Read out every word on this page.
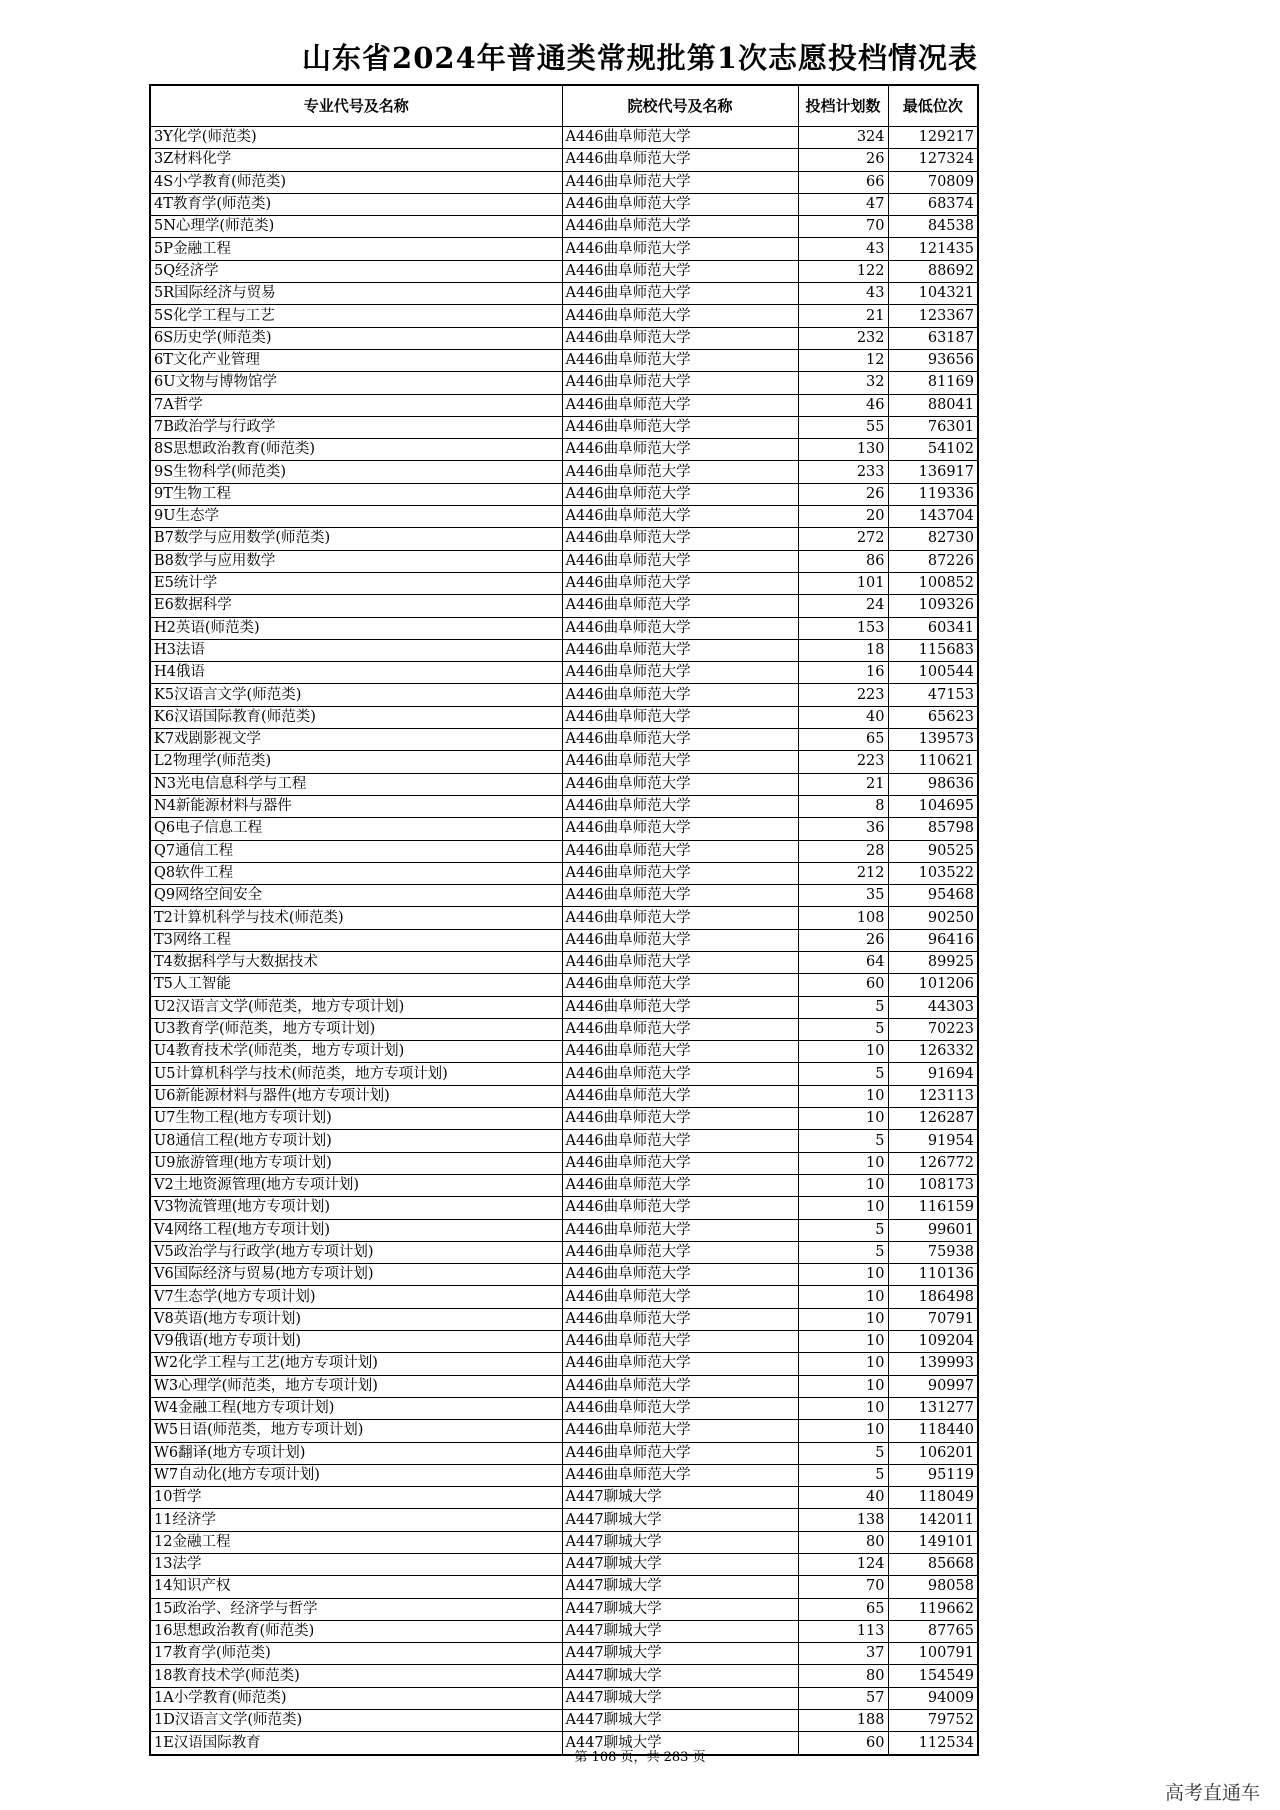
山东省2024年普通类常规批第1次志愿投档情况表
专业代号及名称	院校代号及名称	投档计划数	最低位次
3Y化学(师范类)	A446曲阜师范大学	324	129217
3Z材料化学	A446曲阜师范大学	26	127324
4S小学教育(师范类)	A446曲阜师范大学	66	70809
4T教育学(师范类)	A446曲阜师范大学	47	68374
5N心理学(师范类)	A446曲阜师范大学	70	84538
5P金融工程	A446曲阜师范大学	43	121435
5Q经济学	A446曲阜师范大学	122	88692
5R国际经济与贸易	A446曲阜师范大学	43	104321
5S化学工程与工艺	A446曲阜师范大学	21	123367
6S历史学(师范类)	A446曲阜师范大学	232	63187
6T文化产业管理	A446曲阜师范大学	12	93656
6U文物与博物馆学	A446曲阜师范大学	32	81169
7A哲学	A446曲阜师范大学	46	88041
7B政治学与行政学	A446曲阜师范大学	55	76301
8S思想政治教育(师范类)	A446曲阜师范大学	130	54102
9S生物科学(师范类)	A446曲阜师范大学	233	136917
9T生物工程	A446曲阜师范大学	26	119336
9U生态学	A446曲阜师范大学	20	143704
B7数学与应用数学(师范类)	A446曲阜师范大学	272	82730
B8数学与应用数学	A446曲阜师范大学	86	87226
E5统计学	A446曲阜师范大学	101	100852
E6数据科学	A446曲阜师范大学	24	109326
H2英语(师范类)	A446曲阜师范大学	153	60341
H3法语	A446曲阜师范大学	18	115683
H4俄语	A446曲阜师范大学	16	100544
K5汉语言文学(师范类)	A446曲阜师范大学	223	47153
K6汉语国际教育(师范类)	A446曲阜师范大学	40	65623
K7戏剧影视文学	A446曲阜师范大学	65	139573
L2物理学(师范类)	A446曲阜师范大学	223	110621
N3光电信息科学与工程	A446曲阜师范大学	21	98636
N4新能源材料与器件	A446曲阜师范大学	8	104695
Q6电子信息工程	A446曲阜师范大学	36	85798
Q7通信工程	A446曲阜师范大学	28	90525
Q8软件工程	A446曲阜师范大学	212	103522
Q9网络空间安全	A446曲阜师范大学	35	95468
T2计算机科学与技术(师范类)	A446曲阜师范大学	108	90250
T3网络工程	A446曲阜师范大学	26	96416
T4数据科学与大数据技术	A446曲阜师范大学	64	89925
T5人工智能	A446曲阜师范大学	60	101206
U2汉语言文学(师范类，地方专项计划)	A446曲阜师范大学	5	44303
U3教育学(师范类，地方专项计划)	A446曲阜师范大学	5	70223
U4教育技术学(师范类，地方专项计划)	A446曲阜师范大学	10	126332
U5计算机科学与技术(师范类，地方专项计划)	A446曲阜师范大学	5	91694
U6新能源材料与器件(地方专项计划)	A446曲阜师范大学	10	123113
U7生物工程(地方专项计划)	A446曲阜师范大学	10	126287
U8通信工程(地方专项计划)	A446曲阜师范大学	5	91954
U9旅游管理(地方专项计划)	A446曲阜师范大学	10	126772
V2土地资源管理(地方专项计划)	A446曲阜师范大学	10	108173
V3物流管理(地方专项计划)	A446曲阜师范大学	10	116159
V4网络工程(地方专项计划)	A446曲阜师范大学	5	99601
V5政治学与行政学(地方专项计划)	A446曲阜师范大学	5	75938
V6国际经济与贸易(地方专项计划)	A446曲阜师范大学	10	110136
V7生态学(地方专项计划)	A446曲阜师范大学	10	186498
V8英语(地方专项计划)	A446曲阜师范大学	10	70791
V9俄语(地方专项计划)	A446曲阜师范大学	10	109204
W2化学工程与工艺(地方专项计划)	A446曲阜师范大学	10	139993
W3心理学(师范类，地方专项计划)	A446曲阜师范大学	10	90997
W4金融工程(地方专项计划)	A446曲阜师范大学	10	131277
W5日语(师范类，地方专项计划)	A446曲阜师范大学	10	118440
W6翻译(地方专项计划)	A446曲阜师范大学	5	106201
W7自动化(地方专项计划)	A446曲阜师范大学	5	95119
10哲学	A447聊城大学	40	118049
11经济学	A447聊城大学	138	142011
12金融工程	A447聊城大学	80	149101
13法学	A447聊城大学	124	85668
14知识产权	A447聊城大学	70	98058
15政治学、经济学与哲学	A447聊城大学	65	119662
16思想政治教育(师范类)	A447聊城大学	113	87765
17教育学(师范类)	A447聊城大学	37	100791
18教育技术学(师范类)	A447聊城大学	80	154549
1A小学教育(师范类)	A447聊城大学	57	94009
1D汉语言文学(师范类)	A447聊城大学	188	79752
1E汉语国际教育	A447聊城大学	60	112534
第 108 页，共 283 页
高考直通车
